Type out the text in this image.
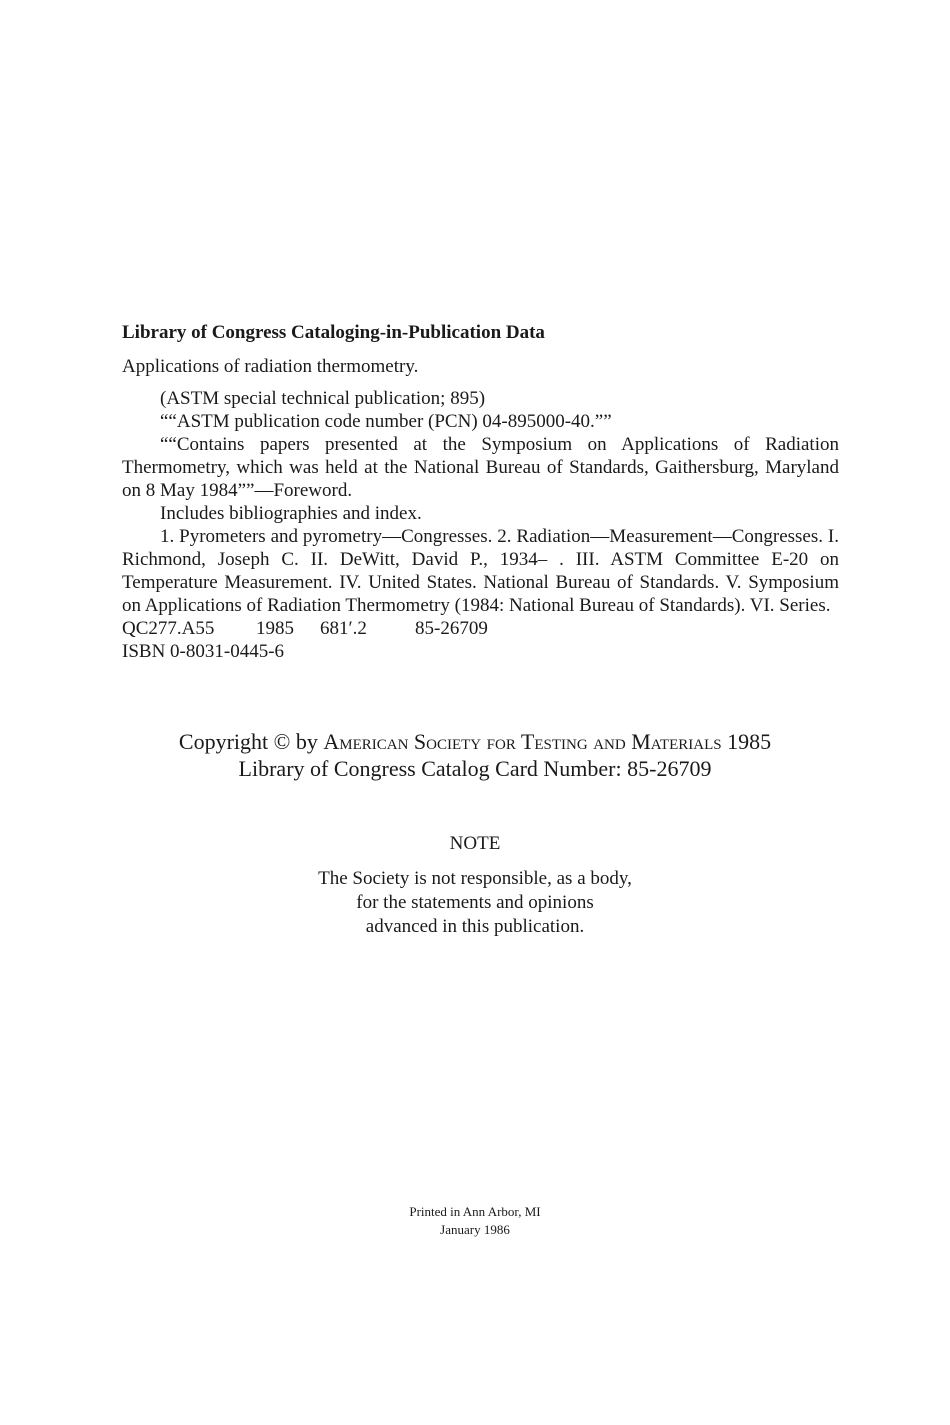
Library of Congress Cataloging-in-Publication Data
Applications of radiation thermometry.

(ASTM special technical publication; 895)

““ASTM publication code number (PCN) 04-895000-40.””

““Contains papers presented at the Symposium on Applications of Radiation Thermometry, which was held at the National Bureau of Standards, Gaithersburg, Maryland on 8 May 1984””—Foreword.

Includes bibliographies and index.

1. Pyrometers and pyrometry—Congresses. 2. Radiation—Measurement—Congresses. I. Richmond, Joseph C. II. DeWitt, David P., 1934– . III. ASTM Committee E-20 on Temperature Measurement. IV. United States. National Bureau of Standards. V. Symposium on Applications of Radiation Thermometry (1984: National Bureau of Standards). VI. Series.

QC277.A55 1985 681′.2	85-26709

ISBN 0-8031-0445-6

Copyright © by American Society for Testing and Materials 1985
Library of Congress Catalog Card Number: 85-26709
NOTE
The Society is not responsible, as a body,
for the statements and opinions
advanced in this publication.
Printed in Ann Arbor, MI
January 1986
